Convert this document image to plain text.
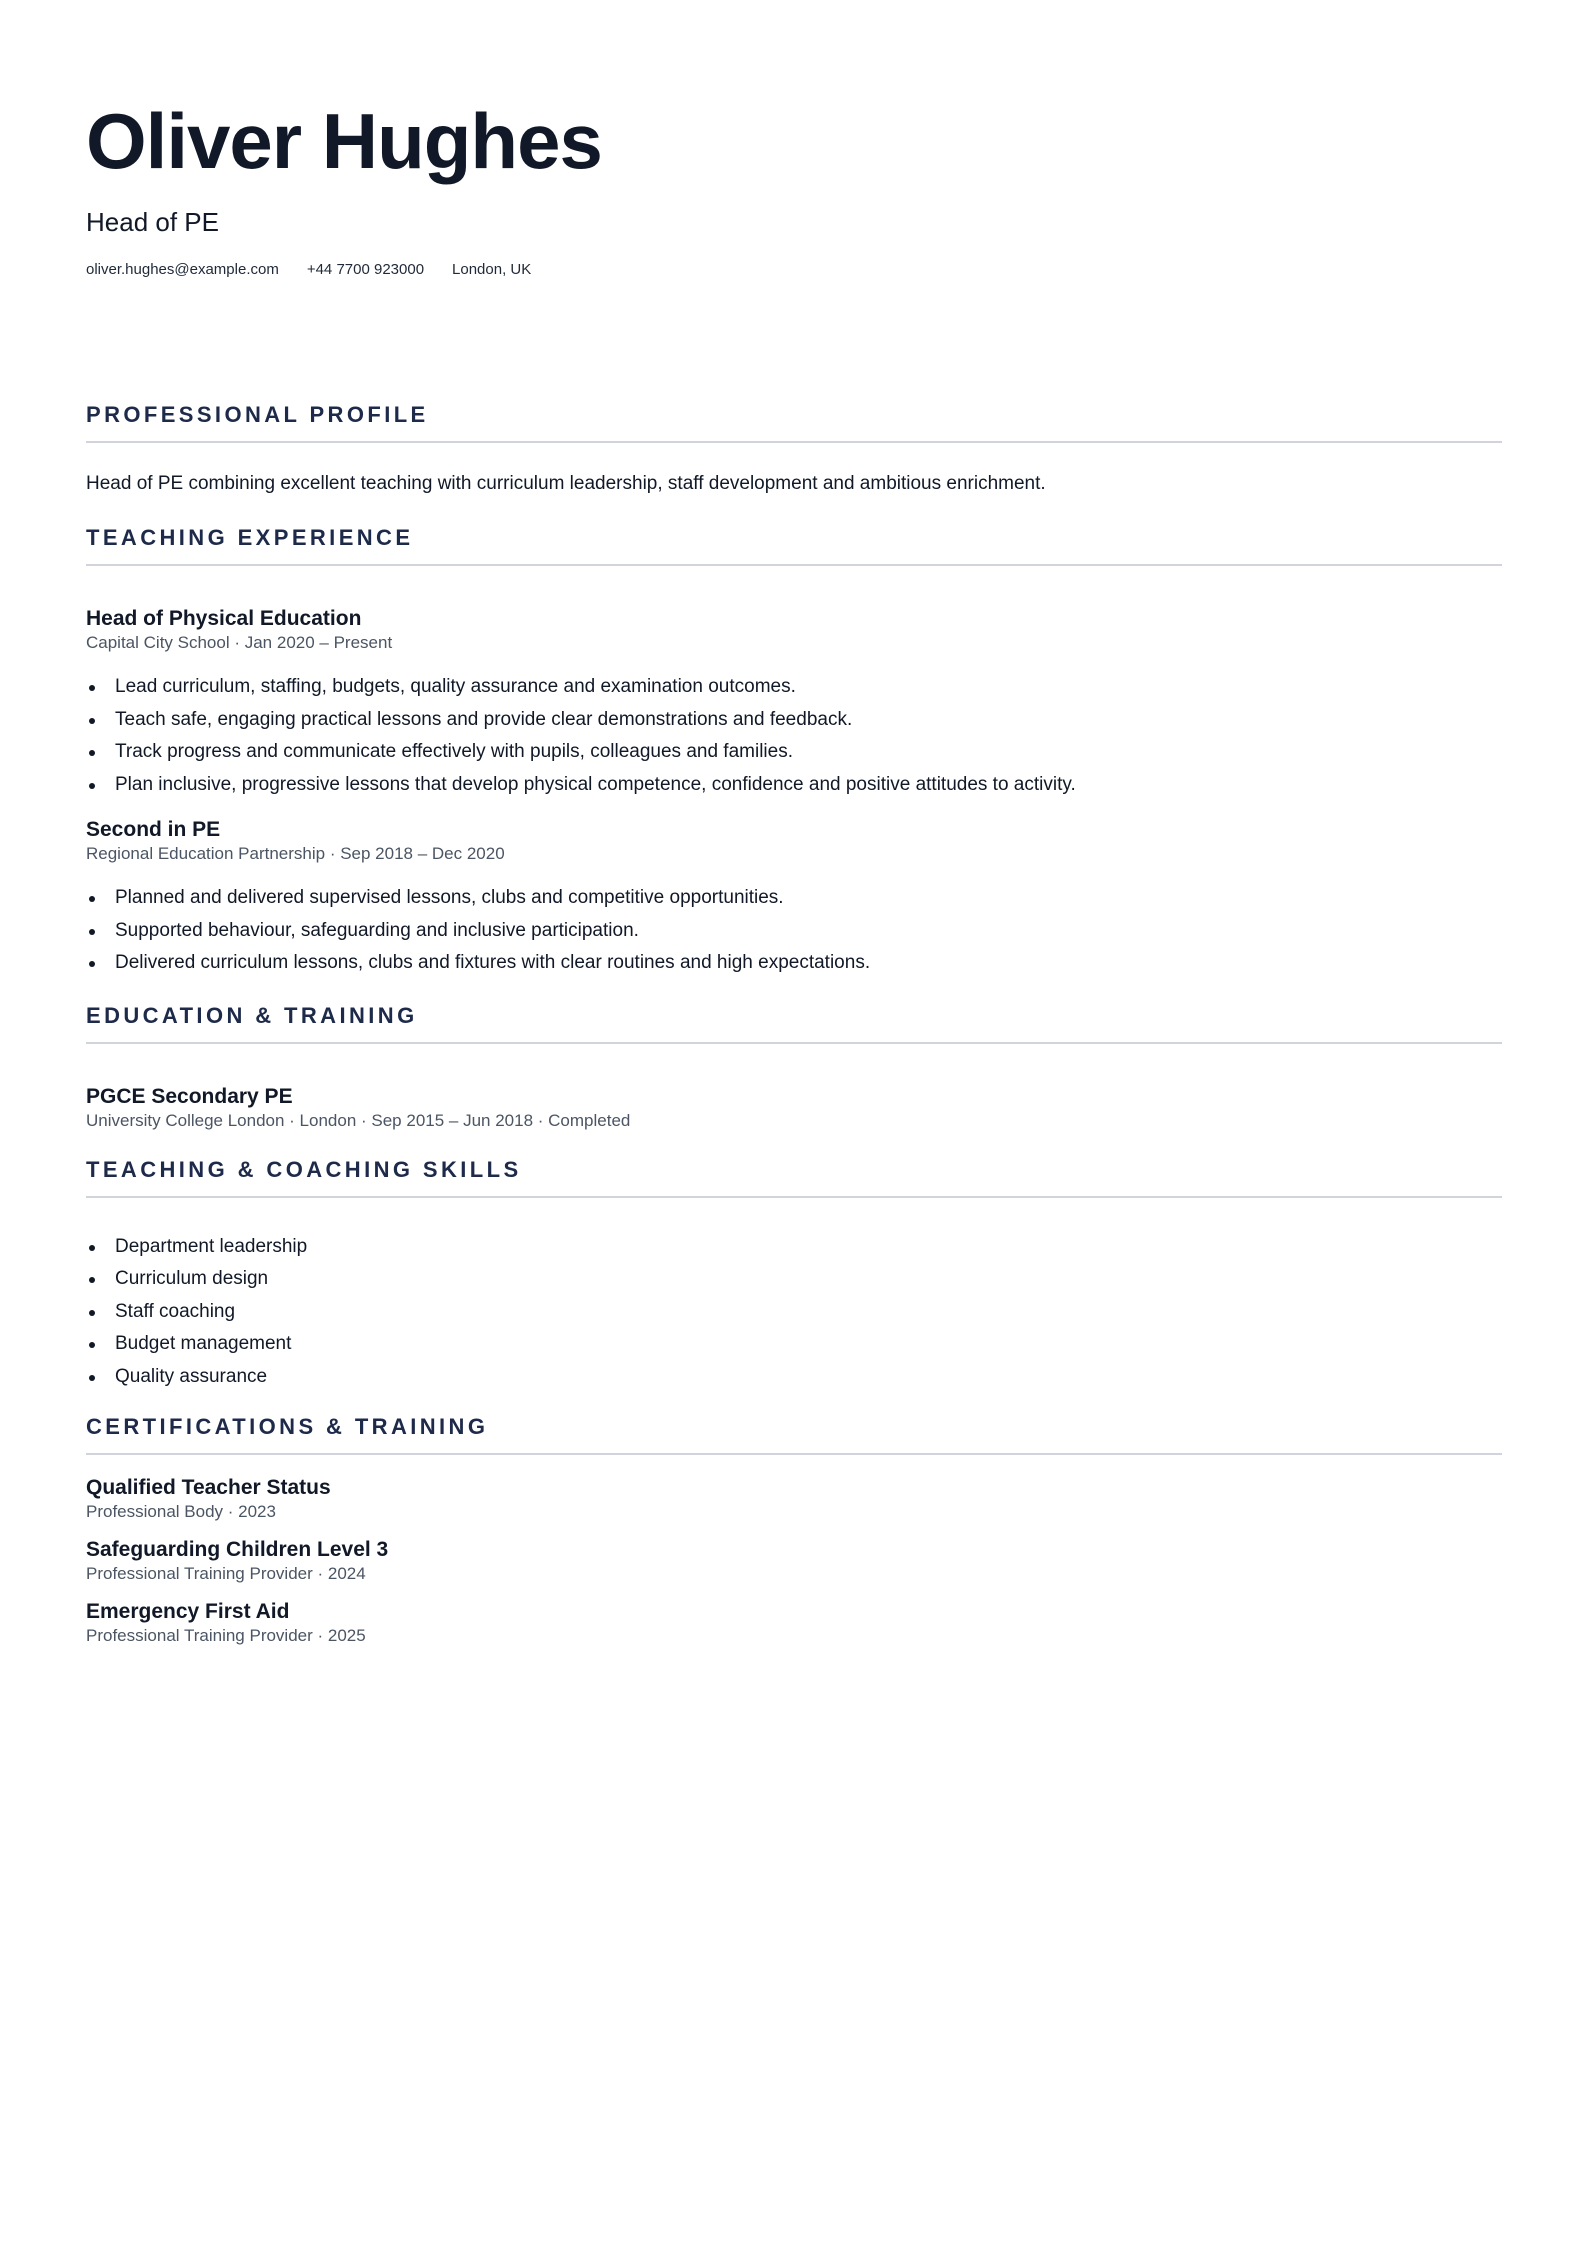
Oliver Hughes
Head of PE
oliver.hughes@example.com +44 7700 923000 London, UK
PROFESSIONAL PROFILE
Head of PE combining excellent teaching with curriculum leadership, staff development and ambitious enrichment.
TEACHING EXPERIENCE
Head of Physical Education
Capital City School · Jan 2020 – Present
Lead curriculum, staffing, budgets, quality assurance and examination outcomes.
Teach safe, engaging practical lessons and provide clear demonstrations and feedback.
Track progress and communicate effectively with pupils, colleagues and families.
Plan inclusive, progressive lessons that develop physical competence, confidence and positive attitudes to activity.
Second in PE
Regional Education Partnership · Sep 2018 – Dec 2020
Planned and delivered supervised lessons, clubs and competitive opportunities.
Supported behaviour, safeguarding and inclusive participation.
Delivered curriculum lessons, clubs and fixtures with clear routines and high expectations.
EDUCATION & TRAINING
PGCE Secondary PE
University College London · London · Sep 2015 – Jun 2018 · Completed
TEACHING & COACHING SKILLS
Department leadership
Curriculum design
Staff coaching
Budget management
Quality assurance
CERTIFICATIONS & TRAINING
Qualified Teacher Status
Professional Body · 2023
Safeguarding Children Level 3
Professional Training Provider · 2024
Emergency First Aid
Professional Training Provider · 2025
